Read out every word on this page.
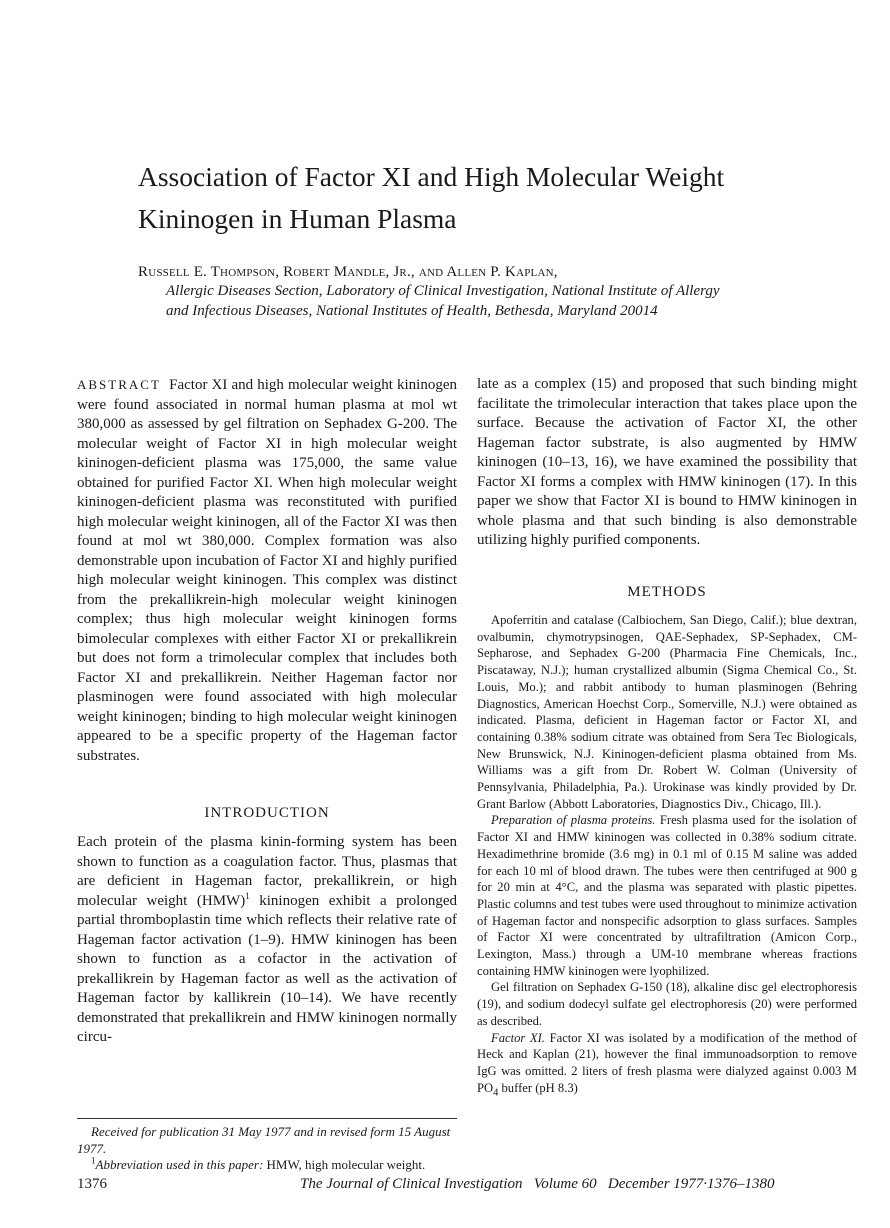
Association of Factor XI and High Molecular Weight Kininogen in Human Plasma
Russell E. Thompson, Robert Mandle, Jr., and Allen P. Kaplan,
Allergic Diseases Section, Laboratory of Clinical Investigation, National Institute of Allergy and Infectious Diseases, National Institutes of Health, Bethesda, Maryland 20014

ABSTRACT Factor XI and high molecular weight kininogen were found associated in normal human plasma at mol wt 380,000 as assessed by gel filtration on Sephadex G-200. The molecular weight of Factor XI in high molecular weight kininogen-deficient plasma was 175,000, the same value obtained for purified Factor XI. When high molecular weight kininogen-deficient plasma was reconstituted with purified high molecular weight kininogen, all of the Factor XI was then found at mol wt 380,000. Complex formation was also demonstrable upon incubation of Factor XI and highly purified high molecular weight kininogen. This complex was distinct from the prekallikrein-high molecular weight kininogen complex; thus high molecular weight kininogen forms bimolecular complexes with either Factor XI or prekallikrein but does not form a trimolecular complex that includes both Factor XI and prekallikrein. Neither Hageman factor nor plasminogen were found associated with high molecular weight kininogen; binding to high molecular weight kininogen appeared to be a specific property of the Hageman factor substrates.

INTRODUCTION

Each protein of the plasma kinin-forming system has been shown to function as a coagulation factor. Thus, plasmas that are deficient in Hageman factor, prekallikrein, or high molecular weight (HMW)$^1$ kininogen exhibit a prolonged partial thromboplastin time which reflects their relative rate of Hageman factor activation (1–9). HMW kininogen has been shown to function as a cofactor in the activation of prekallikrein by Hageman factor as well as the activation of Hageman factor by kallikrein (10–14). We have recently demonstrated that prekallikrein and HMW kininogen normally circu-

late as a complex (15) and proposed that such binding might facilitate the trimolecular interaction that takes place upon the surface. Because the activation of Factor XI, the other Hageman factor substrate, is also augmented by HMW kininogen (10–13, 16), we have examined the possibility that Factor XI forms a complex with HMW kininogen (17). In this paper we show that Factor XI is bound to HMW kininogen in whole plasma and that such binding is also demonstrable utilizing highly purified components.

METHODS

Apoferritin and catalase (Calbiochem, San Diego, Calif.); blue dextran, ovalbumin, chymotrypsinogen, QAE-Sephadex, SP-Sephadex, CM-Sepharose, and Sephadex G-200 (Pharmacia Fine Chemicals, Inc., Piscataway, N.J.); human crystallized albumin (Sigma Chemical Co., St. Louis, Mo.); and rabbit antibody to human plasminogen (Behring Diagnostics, American Hoechst Corp., Somerville, N.J.) were obtained as indicated. Plasma, deficient in Hageman factor or Factor XI, and containing 0.38% sodium citrate was obtained from Sera Tec Biologicals, New Brunswick, N.J. Kininogen-deficient plasma obtained from Ms. Williams was a gift from Dr. Robert W. Colman (University of Pennsylvania, Philadelphia, Pa.). Urokinase was kindly provided by Dr. Grant Barlow (Abbott Laboratories, Diagnostics Div., Chicago, Ill.).

Preparation of plasma proteins. Fresh plasma used for the isolation of Factor XI and HMW kininogen was collected in 0.38% sodium citrate. Hexadimethrine bromide (3.6 mg) in 0.1 ml of 0.15 M saline was added for each 10 ml of blood drawn. The tubes were then centrifuged at 900 g for 20 min at 4°C, and the plasma was separated with plastic pipettes. Plastic columns and test tubes were used throughout to minimize activation of Hageman factor and nonspecific adsorption to glass surfaces. Samples of Factor XI were concentrated by ultrafiltration (Amicon Corp., Lexington, Mass.) through a UM-10 membrane whereas fractions containing HMW kininogen were lyophilized.

Gel filtration on Sephadex G-150 (18), alkaline disc gel electrophoresis (19), and sodium dodecyl sulfate gel electrophoresis (20) were performed as described.

Factor XI. Factor XI was isolated by a modification of the method of Heck and Kaplan (21), however the final immunoadsorption to remove IgG was omitted. 2 liters of fresh plasma were dialyzed against 0.003 M $PO_4$ buffer (pH 8.3)

Received for publication 31 May 1977 and in revised form 15 August 1977.

$^1$Abbreviation used in this paper: HMW, high molecular weight.

1376	The Journal of Clinical Investigation Volume 60 December 1977·1376–1380
